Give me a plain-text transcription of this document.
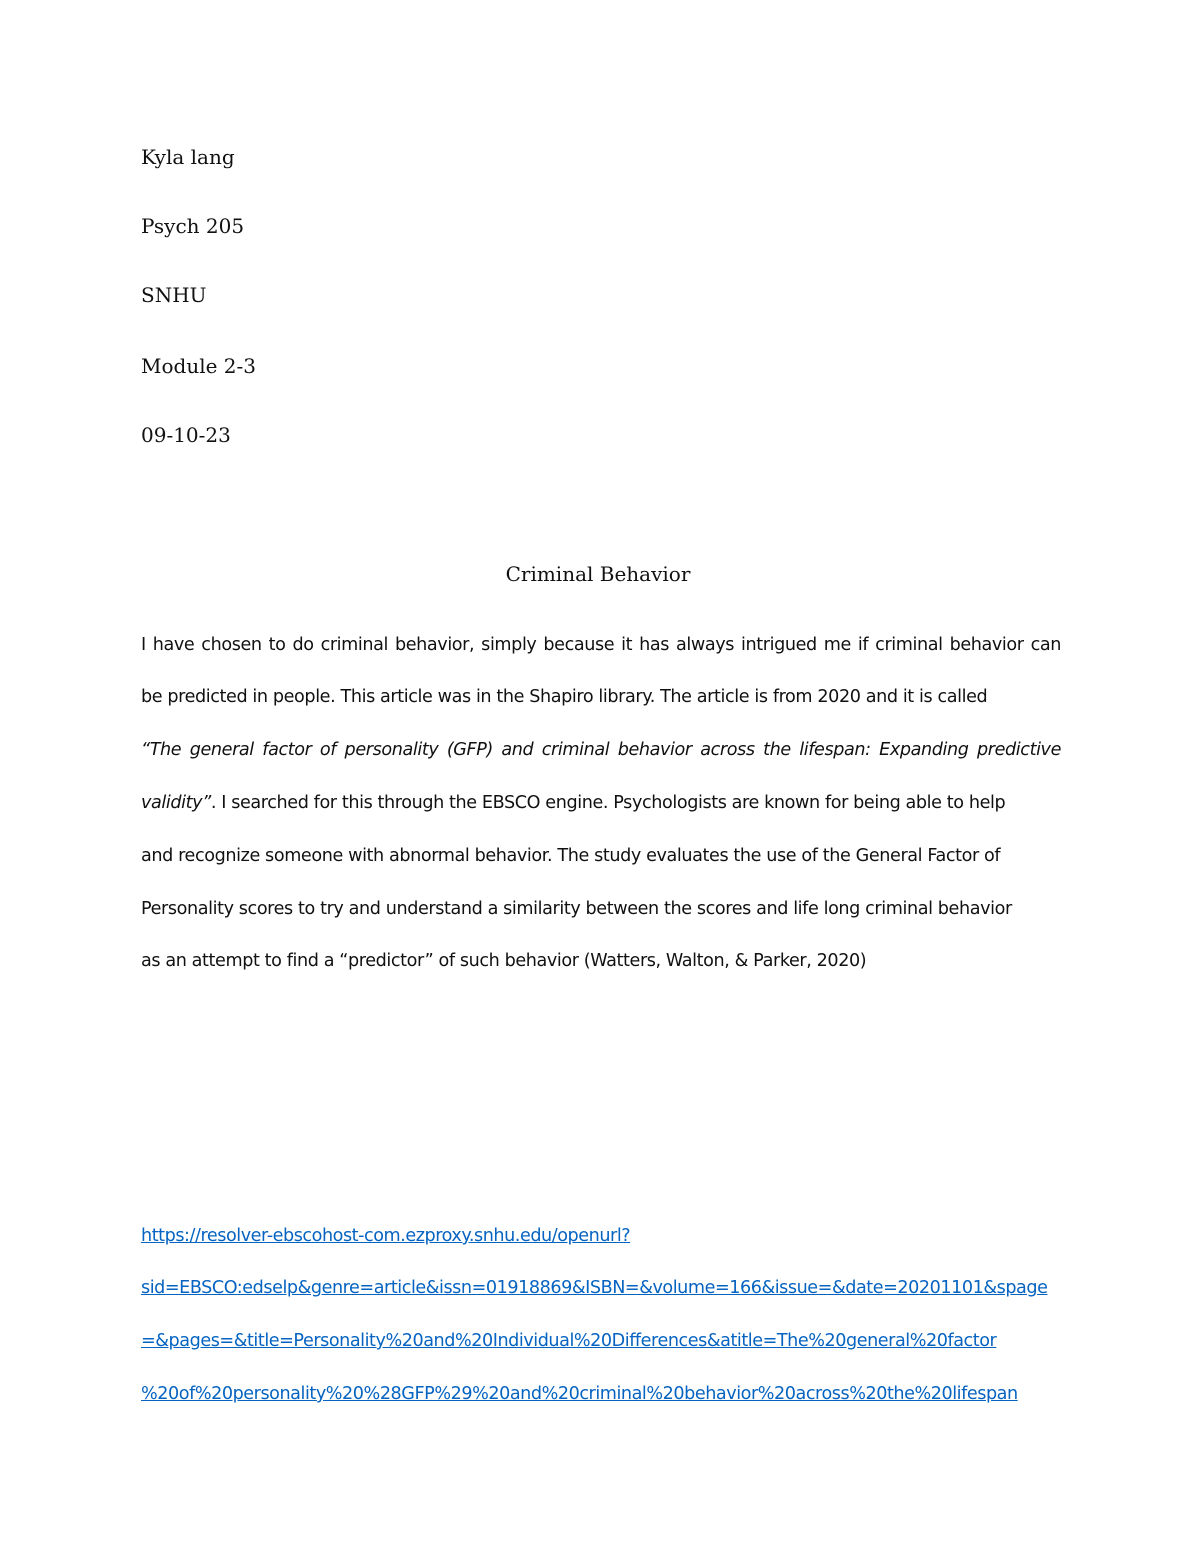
Kyla lang
Psych 205
SNHU
Module 2-3
09-10-23
Criminal Behavior
I have chosen to do criminal behavior, simply because it has always intrigued me if criminal behavior can
be predicted in people. This article was in the Shapiro library. The article is from 2020 and it is called
“The general factor of personality (GFP) and criminal behavior across the lifespan: Expanding predictive
validity”. I searched for this through the EBSCO engine. Psychologists are known for being able to help
and recognize someone with abnormal behavior. The study evaluates the use of the General Factor of
Personality scores to try and understand a similarity between the scores and life long criminal behavior
as an attempt to find a “predictor” of such behavior (Watters, Walton, & Parker, 2020)
https://resolver-ebscohost-com.ezproxy.snhu.edu/openurl?
sid=EBSCO:edselp&genre=article&issn=01918869&ISBN=&volume=166&issue=&date=20201101&spage
=&pages=&title=Personality%20and%20Individual%20Differences&atitle=The%20general%20factor
%20of%20personality%20%28GFP%29%20and%20criminal%20behavior%20across%20the%20lifespan
